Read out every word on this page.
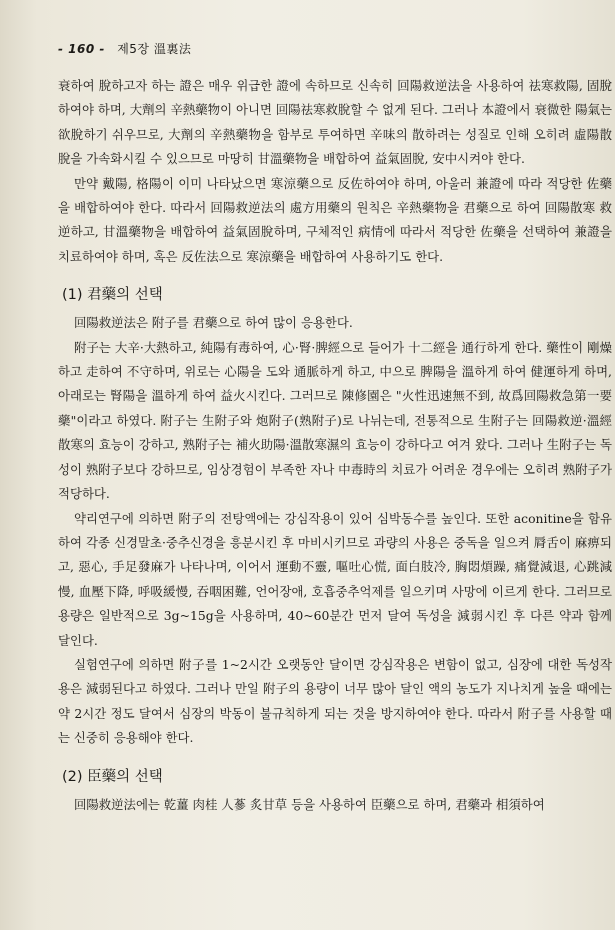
- 160 - 제5장 溫裏法

衰하여 脫하고자 하는 證은 매우 위급한 證에 속하므로 신속히 回陽救逆法을 사용하여 祛寒救陽, 固脫하여야 하며, 大劑의 辛熱藥物이 아니면 回陽祛寒救脫할 수 없게 된다. 그러나 本證에서 衰微한 陽氣는 欲脫하기 쉬우므로, 大劑의 辛熱藥物을 함부로 투여하면 辛味의 散하려는 성질로 인해 오히려 虛陽散脫을 가속화시킬 수 있으므로 마땅히 甘溫藥物을 배합하여 益氣固脫, 安中시켜야 한다.

만약 戴陽, 格陽이 이미 나타났으면 寒涼藥으로 反佐하여야 하며, 아울러 兼證에 따라 적당한 佐藥을 배합하여야 한다. 따라서 回陽救逆法의 處方用藥의 원칙은 辛熱藥物을 君藥으로 하여 回陽散寒 救逆하고, 甘溫藥物을 배합하여 益氣固脫하며, 구체적인 病情에 따라서 적당한 佐藥을 선택하여 兼證을 치료하여야 하며, 혹은 反佐法으로 寒涼藥을 배합하여 사용하기도 한다.

(1) 君藥의 선택

回陽救逆法은 附子를 君藥으로 하여 많이 응용한다.

附子는 大辛·大熱하고, 純陽有毒하여, 心·腎·脾經으로 들어가 十二經을 通行하게 한다. 藥性이 剛燥하고 走하여 不守하며, 위로는 心陽을 도와 通脈하게 하고, 中으로 脾陽을 溫하게 하여 健運하게 하며, 아래로는 腎陽을 溫하게 하여 益火시킨다. 그러므로 陳修園은 "火性迅速無不到, 故爲回陽救急第一要藥"이라고 하였다. 附子는 生附子와 炮附子(熟附子)로 나뉘는데, 전통적으로 生附子는 回陽救逆·溫經散寒의 효능이 강하고, 熟附子는 補火助陽·溫散寒濕의 효능이 강하다고 여겨 왔다. 그러나 生附子는 독성이 熟附子보다 강하므로, 임상경험이 부족한 자나 中毒時의 치료가 어려운 경우에는 오히려 熟附子가 적당하다.

약리연구에 의하면 附子의 전탕액에는 강심작용이 있어 심박동수를 높인다. 또한 aconitine을 함유하여 각종 신경말초·중추신경을 흥분시킨 후 마비시키므로 과량의 사용은 중독을 일으켜 脣舌이 麻痹되고, 惡心, 手足發麻가 나타나며, 이어서 運動不靈, 嘔吐心慌, 面白肢冷, 胸悶煩躁, 痛覺減退, 心跳減慢, 血壓下降, 呼吸緩慢, 吞咽困難, 언어장애, 호흡중추억제를 일으키며 사망에 이르게 한다. 그러므로 용량은 일반적으로 3g~15g을 사용하며, 40~60분간 먼저 달여 독성을 減弱시킨 후 다른 약과 함께 달인다.

실험연구에 의하면 附子를 1~2시간 오랫동안 달이면 강심작용은 변함이 없고, 심장에 대한 독성작용은 減弱된다고 하였다. 그러나 만일 附子의 용량이 너무 많아 달인 액의 농도가 지나치게 높을 때에는 약 2시간 정도 달여서 심장의 박동이 불규칙하게 되는 것을 방지하여야 한다. 따라서 附子를 사용할 때는 신중히 응용해야 한다.

(2) 臣藥의 선택

回陽救逆法에는 乾薑 肉桂 人蔘 炙甘草 등을 사용하여 臣藥으로 하며, 君藥과 相須하여
